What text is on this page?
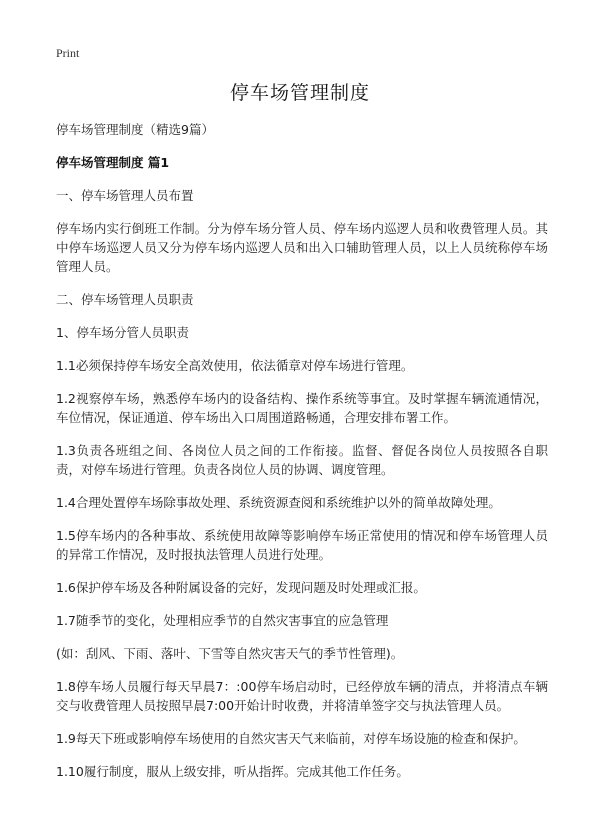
Print
停车场管理制度

停车场管理制度（精选9篇）

停车场管理制度 篇1

一、停车场管理人员布置

停车场内实行倒班工作制。分为停车场分管人员、停车场内巡逻人员和收费管理人员。其中停车场巡逻人员又分为停车场内巡逻人员和出入口辅助管理人员，以上人员统称停车场管理人员。

二、停车场管理人员职责

1、停车场分管人员职责

1.1必须保持停车场安全高效使用，依法循章对停车场进行管理。

1.2视察停车场，熟悉停车场内的设备结构、操作系统等事宜。及时掌握车辆流通情况，车位情况，保证通道、停车场出入口周围道路畅通，合理安排布署工作。

1.3负责各班组之间、各岗位人员之间的工作衔接。监督、督促各岗位人员按照各自职责，对停车场进行管理。负责各岗位人员的协调、调度管理。

1.4合理处置停车场除事故处理、系统资源查阅和系统维护以外的简单故障处理。

1.5停车场内的各种事故、系统使用故障等影响停车场正常使用的情况和停车场管理人员的异常工作情况，及时报执法管理人员进行处理。

1.6保护停车场及各种附属设备的完好，发现问题及时处理或汇报。

1.7随季节的变化，处理相应季节的自然灾害事宜的应急管理

(如：刮风、下雨、落叶、下雪等自然灾害天气的季节性管理)。

1.8停车场人员履行每天早晨7：:00停车场启动时，已经停放车辆的清点，并将清点车辆交与收费管理人员按照早晨7:00开始计时收费，并将清单签字交与执法管理人员。

1.9每天下班或影响停车场使用的自然灾害天气来临前，对停车场设施的检查和保护。

1.10履行制度，服从上级安排，听从指挥。完成其他工作任务。
